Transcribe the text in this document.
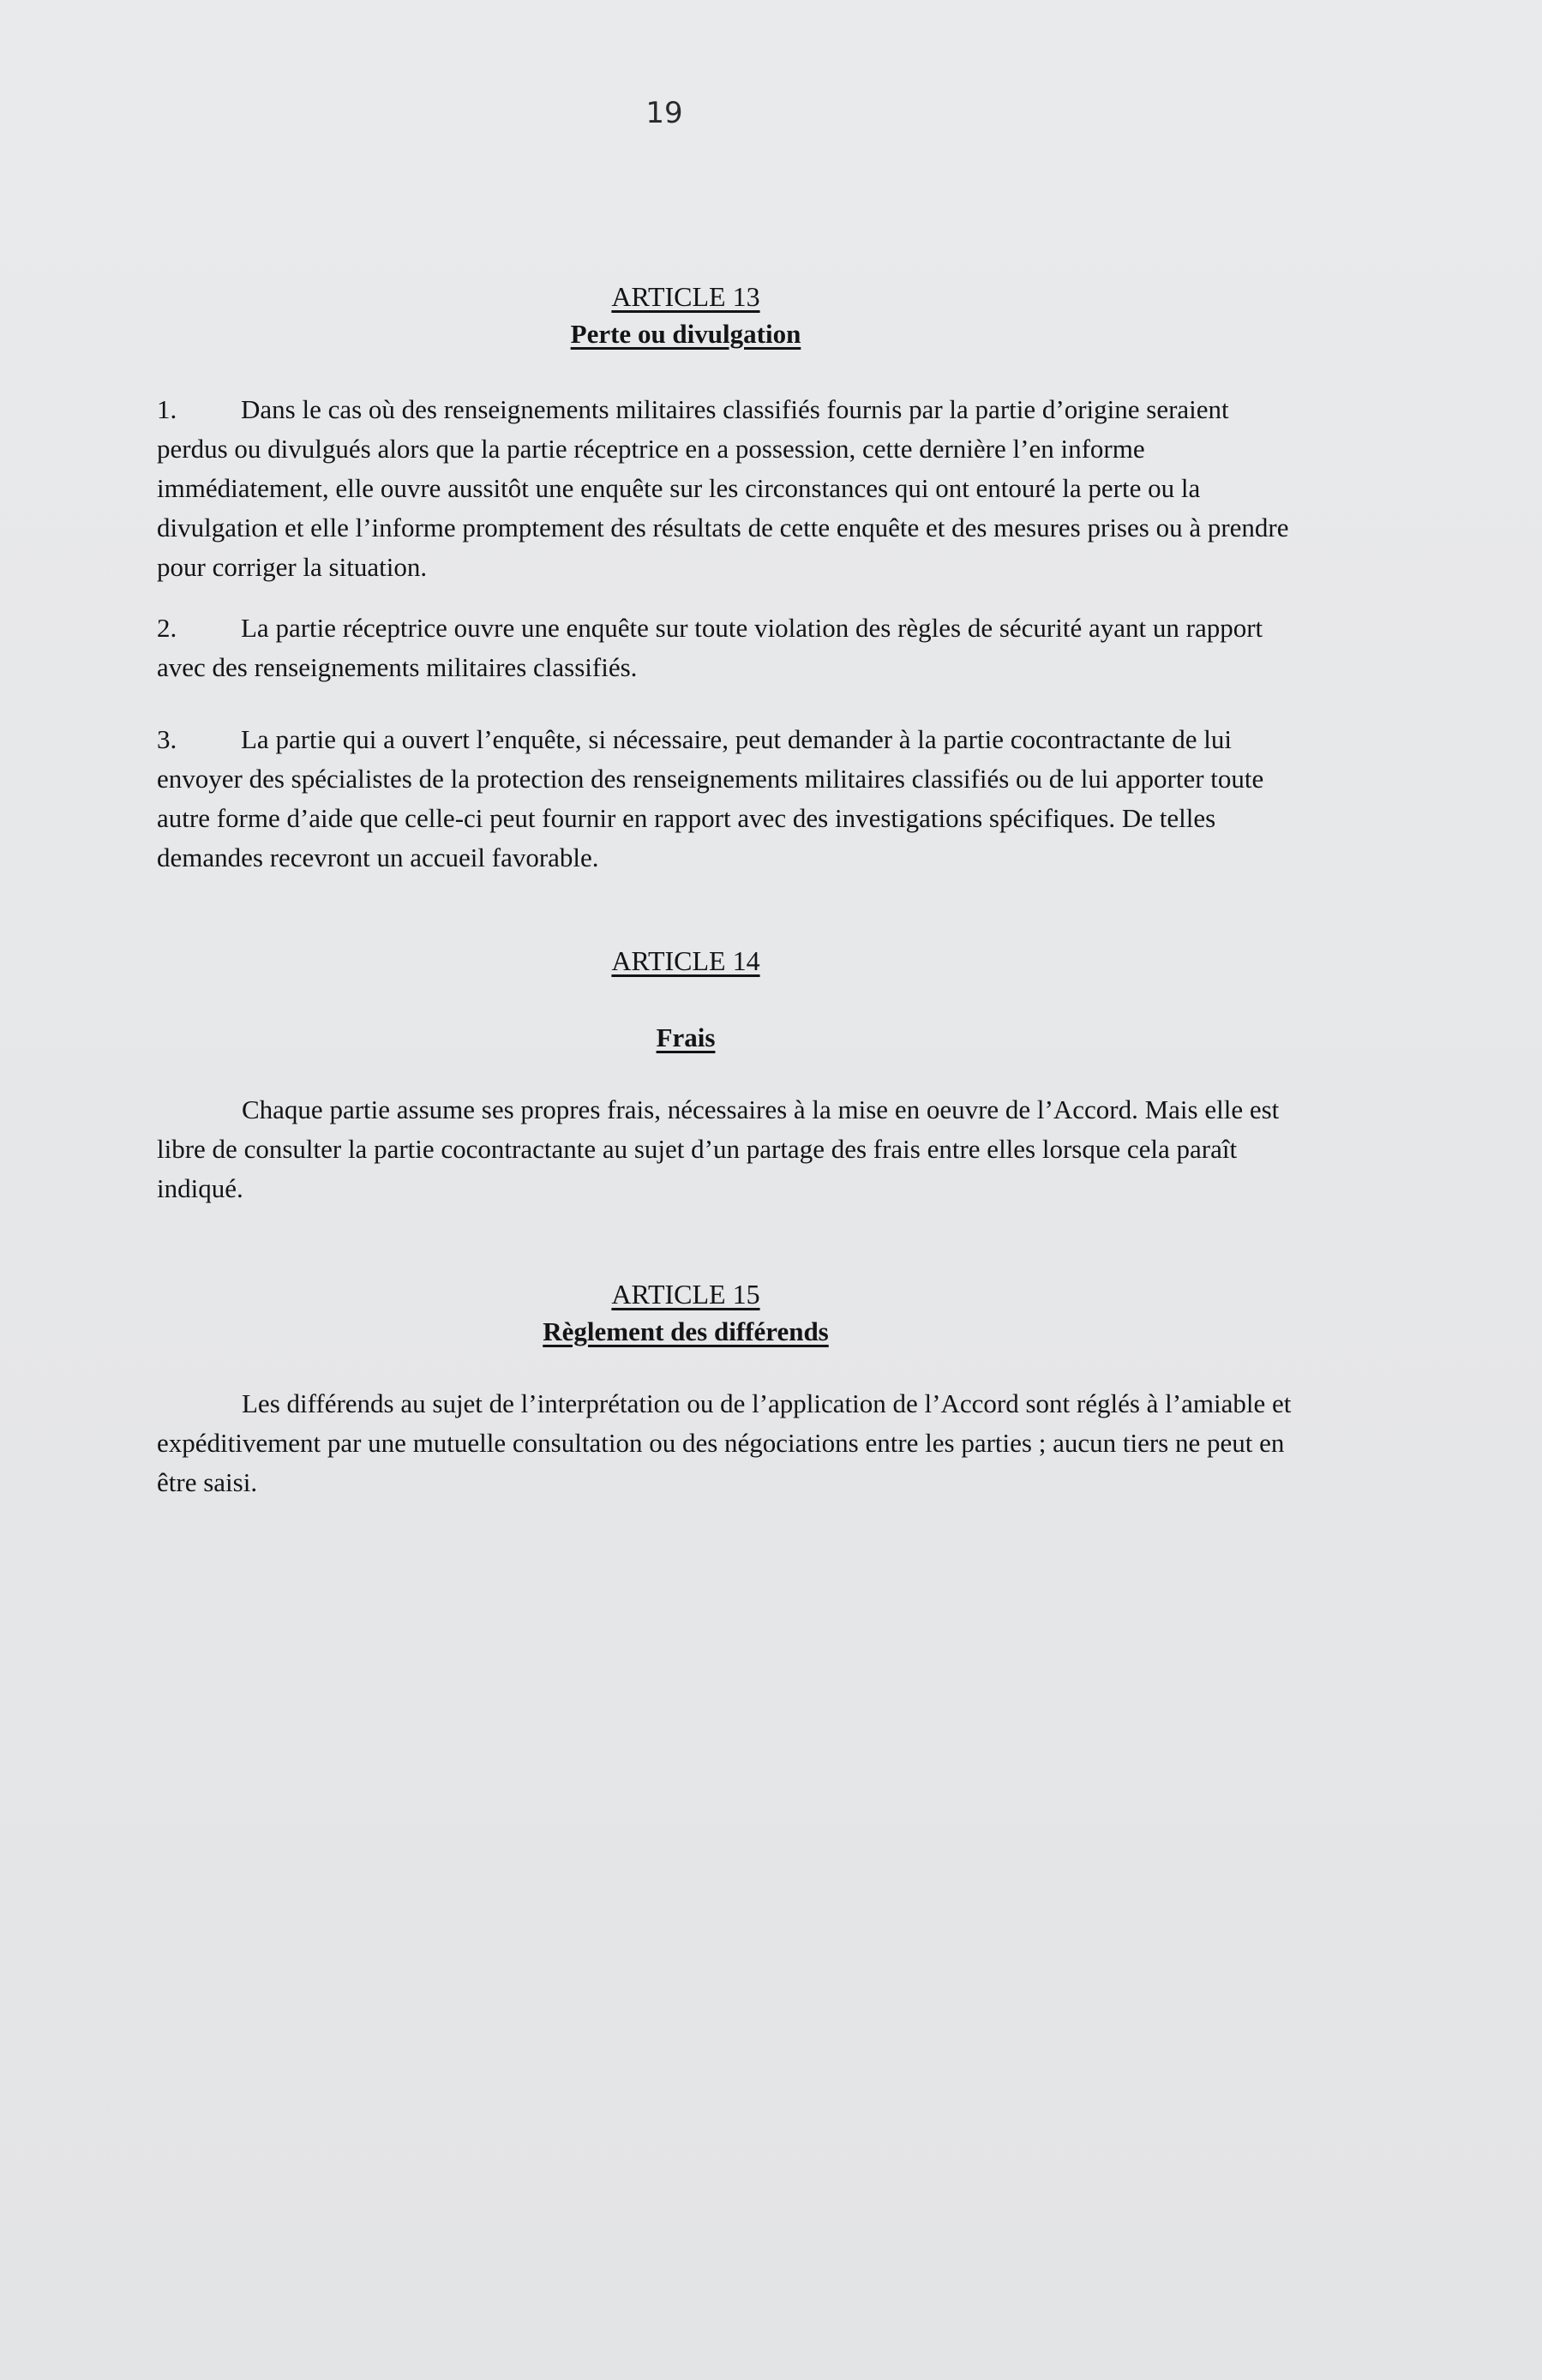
19
ARTICLE 13
Perte ou divulgation

1. Dans le cas où des renseignements militaires classifiés fournis par la partie d’origine seraient perdus ou divulgués alors que la partie réceptrice en a possession, cette dernière l’en informe immédiatement, elle ouvre aussitôt une enquête sur les circonstances qui ont entouré la perte ou la divulgation et elle l’informe promptement des résultats de cette enquête et des mesures prises ou à prendre pour corriger la situation.

2. La partie réceptrice ouvre une enquête sur toute violation des règles de sécurité ayant un rapport avec des renseignements militaires classifiés.

3. La partie qui a ouvert l’enquête, si nécessaire, peut demander à la partie cocontractante de lui envoyer des spécialistes de la protection des renseignements militaires classifiés ou de lui apporter toute autre forme d’aide que celle-ci peut fournir en rapport avec des investigations spécifiques. De telles demandes recevront un accueil favorable.

ARTICLE 14
Frais

Chaque partie assume ses propres frais, nécessaires à la mise en oeuvre de l’Accord. Mais elle est libre de consulter la partie cocontractante au sujet d’un partage des frais entre elles lorsque cela paraît indiqué.

ARTICLE 15
Règlement des différends

Les différends au sujet de l’interprétation ou de l’application de l’Accord sont réglés à l’amiable et expéditivement par une mutuelle consultation ou des négociations entre les parties ; aucun tiers ne peut en être saisi.
